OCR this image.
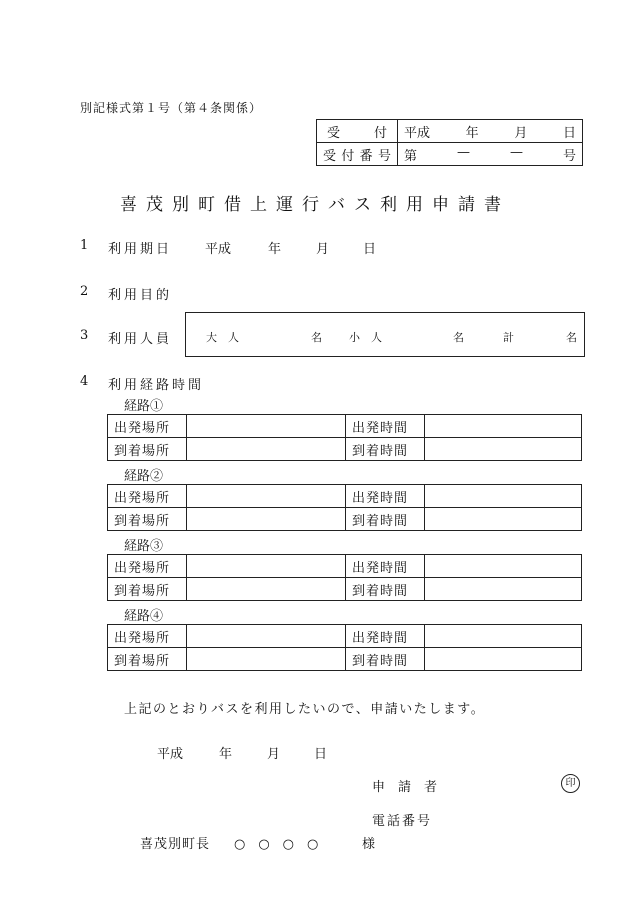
別記様式第１号（第４条関係）
受 付	平成 年 月 日

受 付 番 号	第 — — 号
喜茂別町借上運行バス利用申請書
1 利用期日	平成	年	月	日
2 利用目的
3 利用人員	大　人	名 小　人	名	計	名
4 利用経路時間
経路①
出発場所		出発時間	
到着場所		到着時間	
経路②
出発場所		出発時間	
到着場所		到着時間	
経路③
出発場所		出発時間	
到着場所		到着時間	
経路④
出発場所		出発時間	
到着場所		到着時間	
上記のとおりバスを利用したいので、申請いたします。
平成	年	月	日
申　請　者	印
電話番号
喜茂別町長 ○　○　○　○	様
